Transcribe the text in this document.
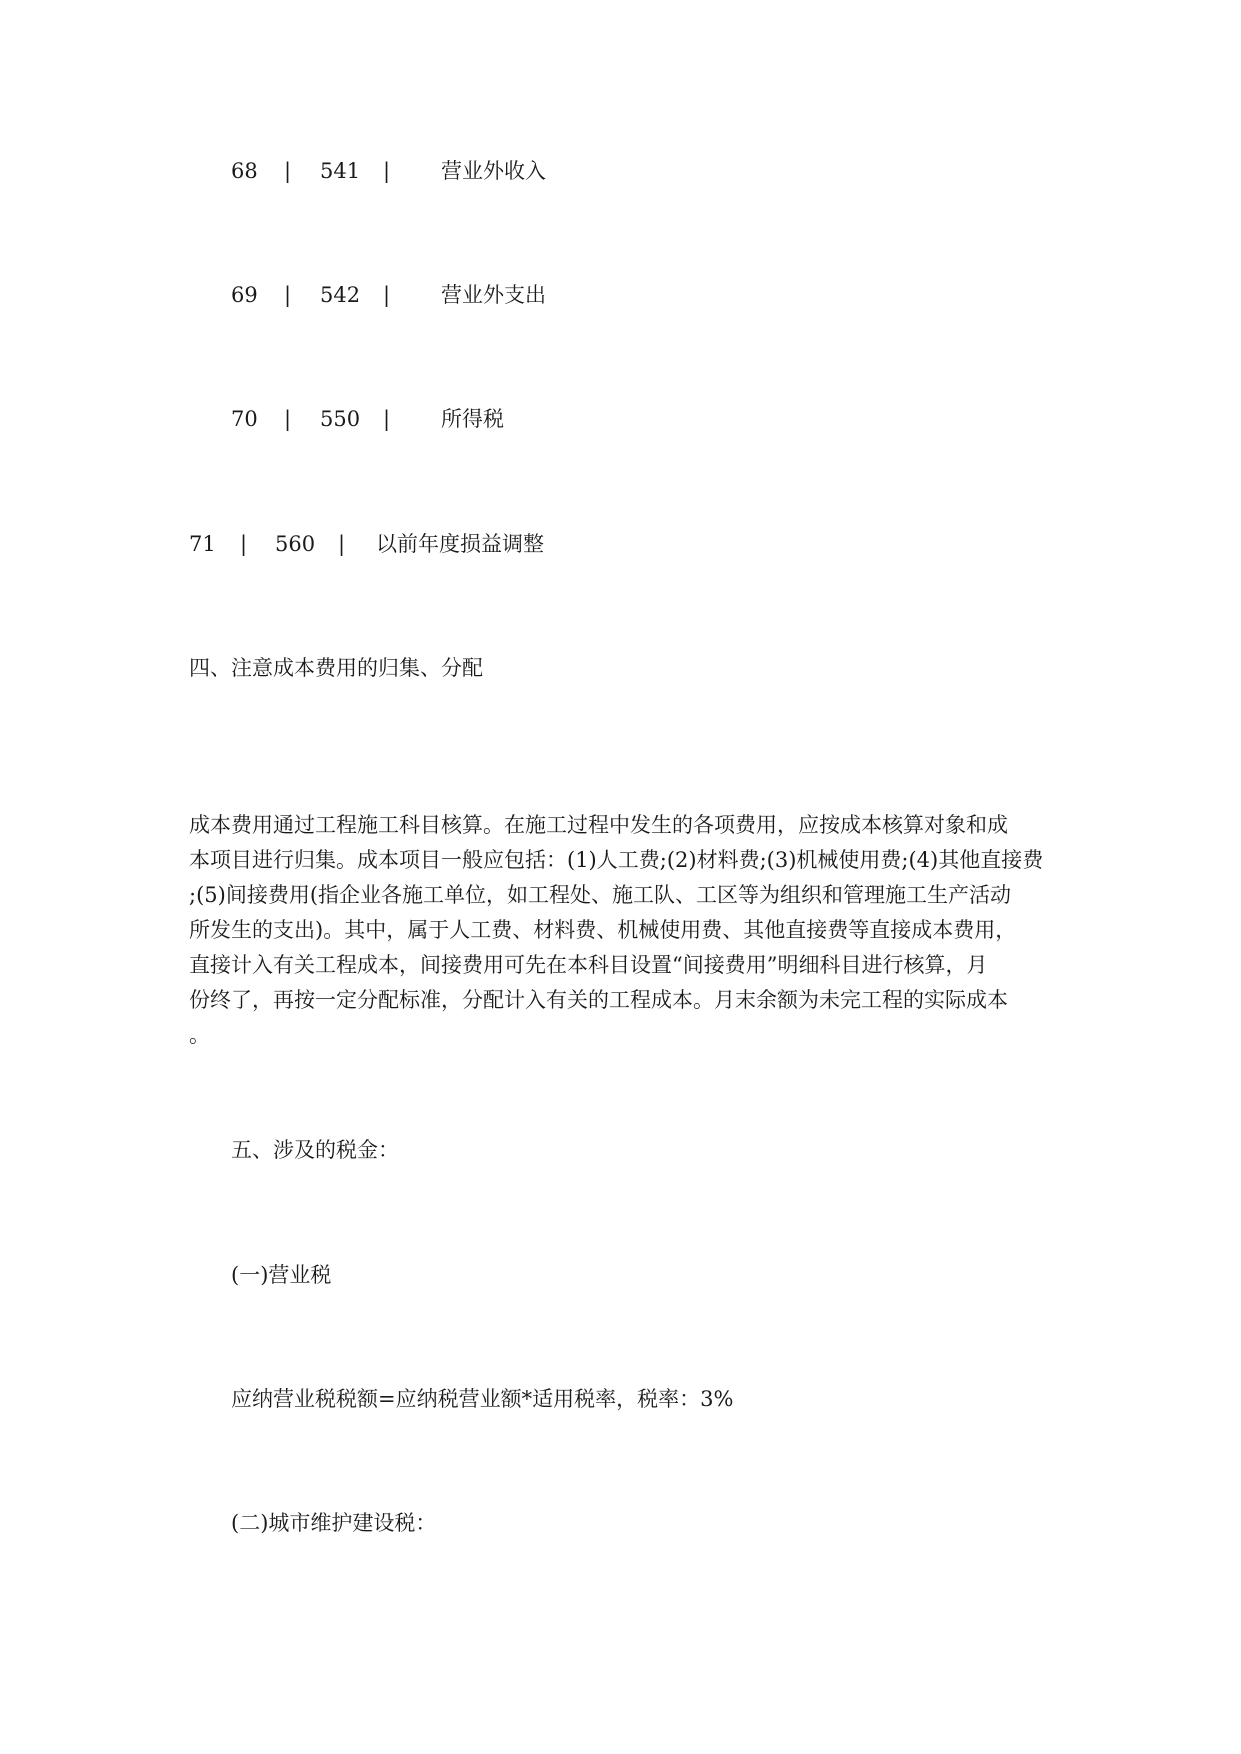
68 | 541 | 营业外收入
69 | 542 | 营业外支出
70 | 550 | 所得税
71 | 560 | 以前年度损益调整
四、注意成本费用的归集、分配
成本费用通过工程施工科目核算。在施工过程中发生的各项费用，应按成本核算对象和成
本项目进行归集。成本项目一般应包括：(1)人工费;(2)材料费;(3)机械使用费;(4)其他直接费
;(5)间接费用(指企业各施工单位，如工程处、施工队、工区等为组织和管理施工生产活动
所发生的支出)。其中，属于人工费、材料费、机械使用费、其他直接费等直接成本费用，
直接计入有关工程成本，间接费用可先在本科目设置“间接费用”明细科目进行核算，月
份终了，再按一定分配标准，分配计入有关的工程成本。月末余额为未完工程的实际成本
。
五、涉及的税金：
(一)营业税
应纳营业税税额=应纳税营业额*适用税率，税率：3%
(二)城市维护建设税：
